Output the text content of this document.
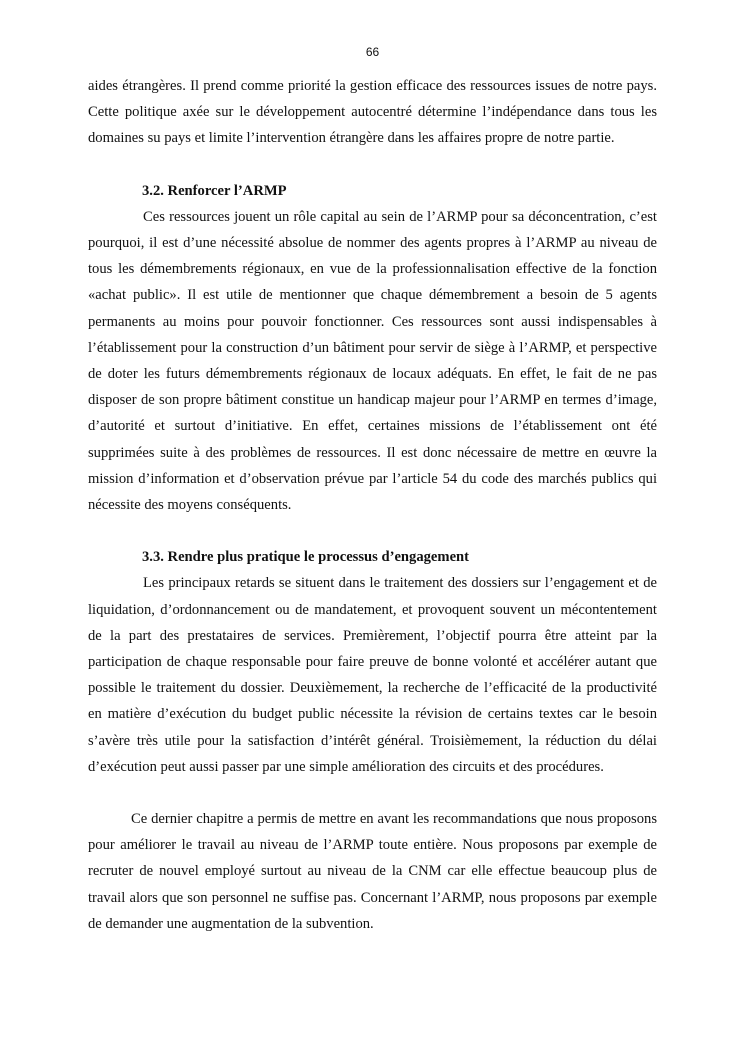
66

aides étrangères. Il prend comme priorité la gestion efficace des ressources issues de notre pays. Cette politique axée sur le développement autocentré détermine l’indépendance dans tous les domaines su pays et limite l’intervention étrangère dans les affaires propre de notre partie.

3.2. Renforcer l’ARMP

Ces ressources jouent un rôle capital au sein de l’ARMP pour sa déconcentration, c’est pourquoi, il est d’une nécessité absolue de nommer des agents propres à l’ARMP au niveau de tous les démembrements régionaux, en vue de la professionnalisation effective de la fonction «achat public». Il est utile de mentionner que chaque démembrement a besoin de 5 agents permanents au moins pour pouvoir fonctionner. Ces ressources sont aussi indispensables à l’établissement pour la construction d’un bâtiment pour servir de siège à l’ARMP, et perspective de doter les futurs démembrements régionaux de locaux adéquats. En effet, le fait de ne pas disposer de son propre bâtiment constitue un handicap majeur pour l’ARMP en termes d’image, d’autorité et surtout d’initiative. En effet, certaines missions de l’établissement ont été supprimées suite à des problèmes de ressources. Il est donc nécessaire de mettre en œuvre la mission d’information et d’observation prévue par l’article 54 du code des marchés publics qui nécessite des moyens conséquents.

3.3. Rendre plus pratique le processus d’engagement

Les principaux retards se situent dans le traitement des dossiers sur l’engagement et de liquidation, d’ordonnancement ou de mandatement, et provoquent souvent un mécontentement de la part des prestataires de services. Premièrement, l’objectif pourra être atteint par la participation de chaque responsable pour faire preuve de bonne volonté et accélérer autant que possible le traitement du dossier. Deuxièmement, la recherche de l’efficacité de la productivité en matière d’exécution du budget public nécessite la révision de certains textes car le besoin s’avère très utile pour la satisfaction d’intérêt général. Troisièmement, la réduction du délai d’exécution peut aussi passer par une simple amélioration des circuits et des procédures.

Ce dernier chapitre a permis de mettre en avant les recommandations que nous proposons pour améliorer le travail au niveau de l’ARMP toute entière. Nous proposons par exemple de recruter de nouvel employé surtout au niveau de la CNM car elle effectue beaucoup plus de travail alors que son personnel ne suffise pas. Concernant l’ARMP, nous proposons par exemple de demander une augmentation de la subvention.
